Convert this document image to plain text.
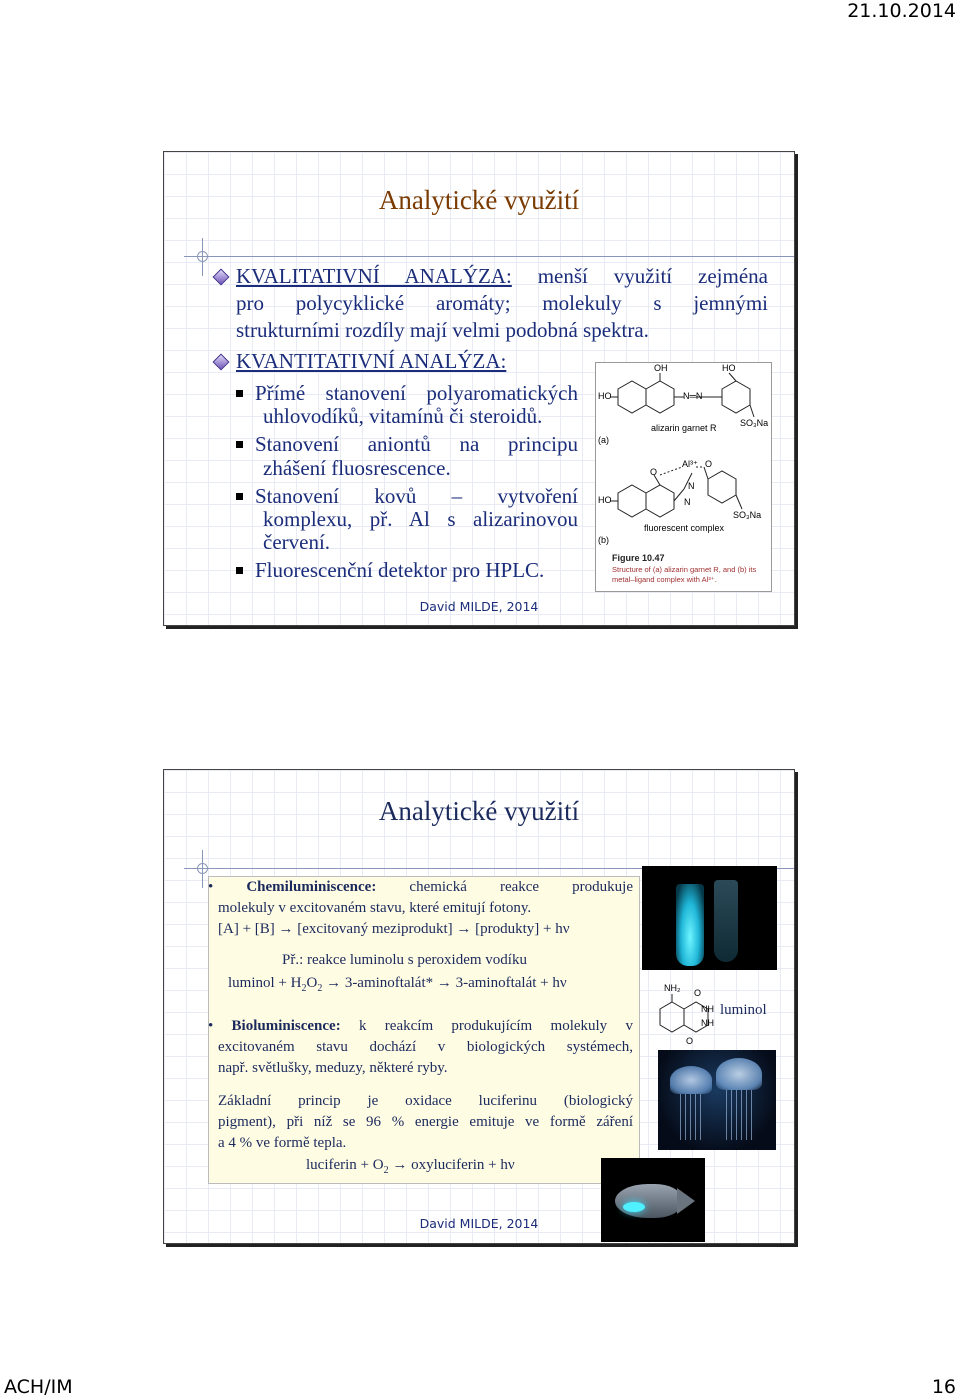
21.10.2014
Analytické využití
KVALITATIVNÍ ANALÝZA: menší využití zejména
pro polycyklické aromáty; molekuly s jemnými
strukturními rozdíly mají velmi podobná spektra.
KVANTITATIVNÍ ANALÝZA:
Přímé stanovení polyaromatických
uhlovodíků, vitamínů či steroidů.
Stanovení aniontů na principu
zhášení fluosrescence.
Stanovení kovů – vytvoření
komplexu, př. Al s alizarinovou
červení.
Fluorescenční detektor pro HPLC.
OH	HO
HO	N═N
SO₃Na
alizarin garnet R
(a)
Al³⁺
O
O
N
N
HO
SO₃Na
fluorescent complex
(b)
Figure 10.47
Structure of (a) alizarin garnet R, and (b) its
metal–ligand complex with Al³⁺.
David MILDE, 2014
Analytické využití
• Chemiluminiscence: chemická reakce produkuje
molekuly v excitovaném stavu, které emitují fotony.
[A] + [B] → [excitovaný meziprodukt] → [produkty] + hν
Př.: reakce luminolu s peroxidem vodíku
luminol + $H_2O_2$ → 3-aminoftalát* → 3-aminoftalát + hν
• Bioluminiscence: k reakcím produkujícím molekuly v
excitovaném stavu dochází v biologických systémech,
např. světlušky, meduzy, některé ryby.
Základní princip je oxidace luciferinu (biologický
pigment), při níž se 96 % energie emituje ve formě záření
a 4 % ve formě tepla.
luciferin + $O_2$ → oxyluciferin + hν
NH₂ O
NH
NH
O
luminol
David MILDE, 2014
ACH/IM	16
